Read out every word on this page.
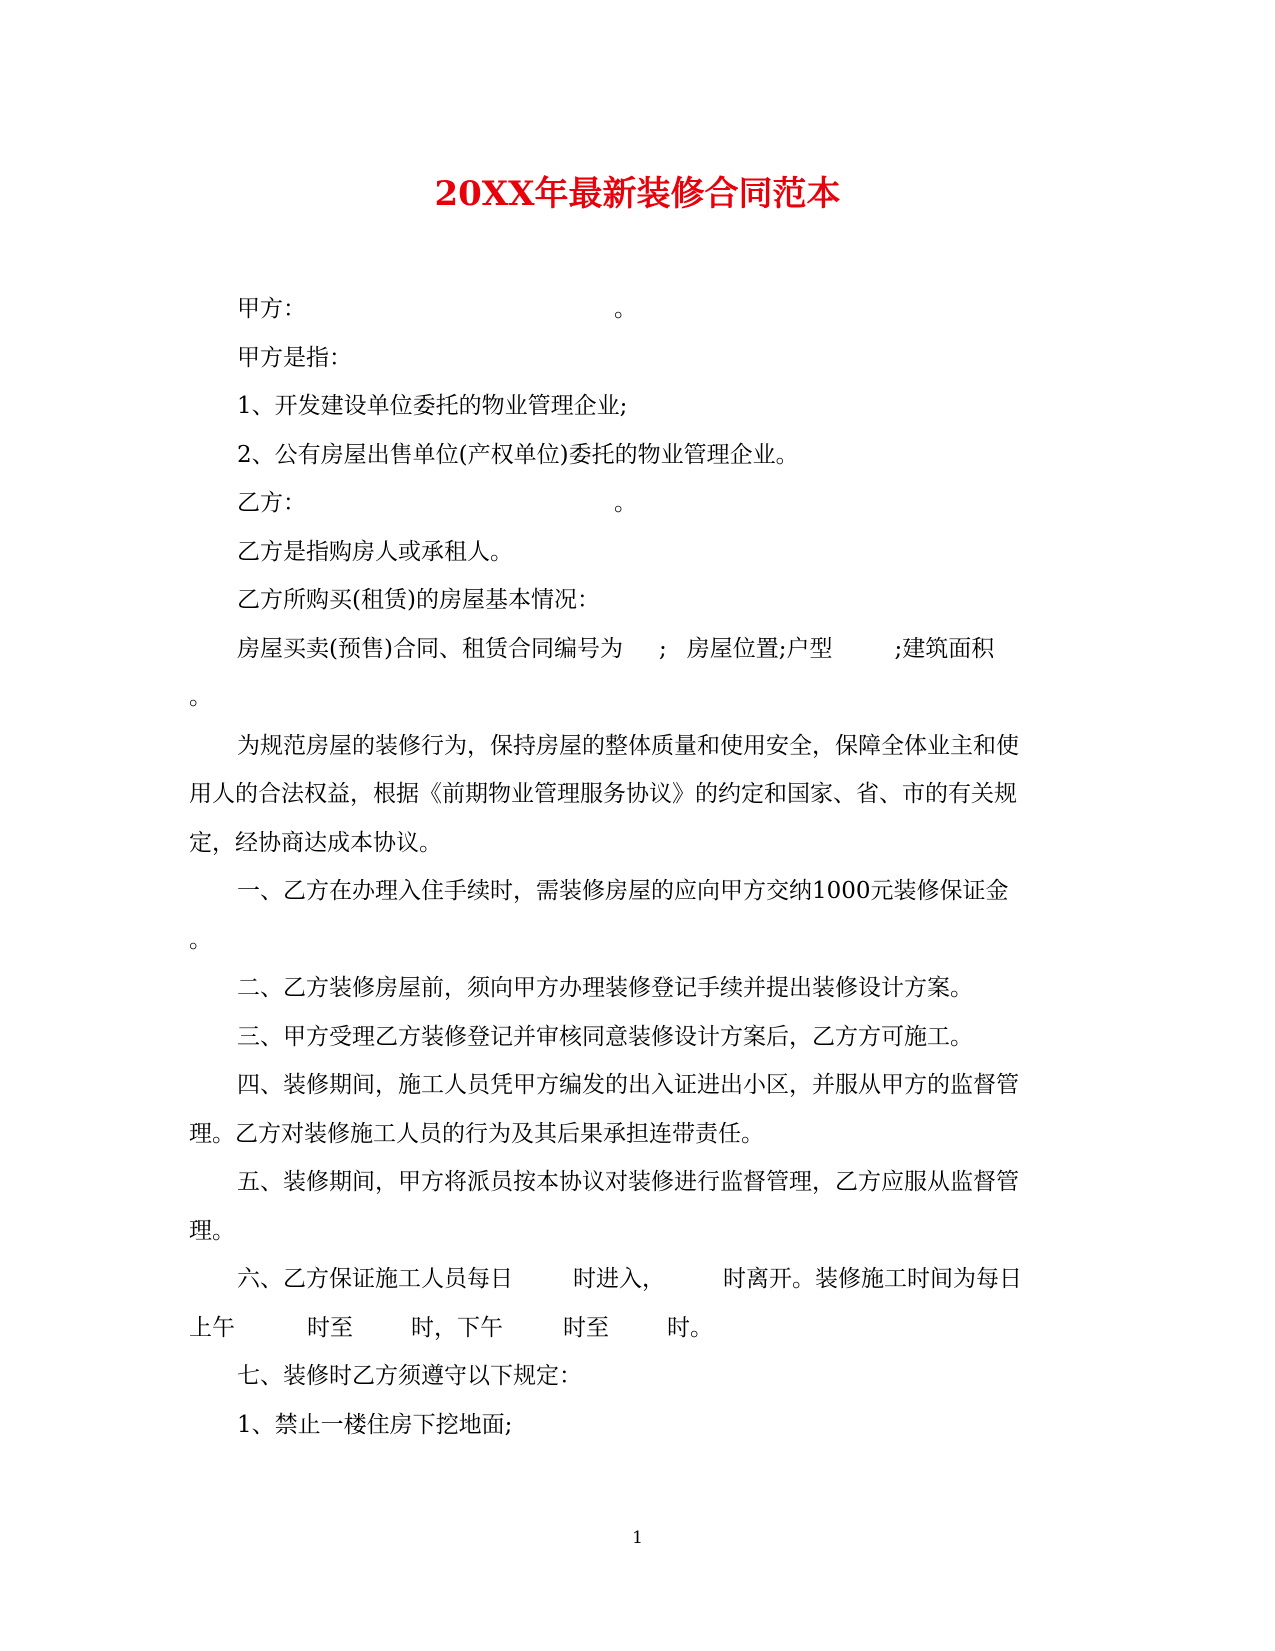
20XX年最新装修合同范本

甲方：	。

甲方是指：

1、开发建设单位委托的物业管理企业;

2、公有房屋出售单位(产权单位)委托的物业管理企业。

乙方：	。

乙方是指购房人或承租人。

乙方所购买(租赁)的房屋基本情况：

房屋买卖(预售)合同、租赁合同编号为 ; 房屋位置;户型	;建筑面积

。

为规范房屋的装修行为，保持房屋的整体质量和使用安全，保障全体业主和使

用人的合法权益，根据《前期物业管理服务协议》的约定和国家、省、市的有关规

定，经协商达成本协议。

一、乙方在办理入住手续时，需装修房屋的应向甲方交纳1000元装修保证金

。

二、乙方装修房屋前，须向甲方办理装修登记手续并提出装修设计方案。

三、甲方受理乙方装修登记并审核同意装修设计方案后，乙方方可施工。

四、装修期间，施工人员凭甲方编发的出入证进出小区，并服从甲方的监督管

理。乙方对装修施工人员的行为及其后果承担连带责任。

五、装修期间，甲方将派员按本协议对装修进行监督管理，乙方应服从监督管

理。

六、乙方保证施工人员每日	时进入，	时离开。装修施工时间为每日

上午	时至	时，下午	时至	时。

七、装修时乙方须遵守以下规定：

1、禁止一楼住房下挖地面;

1
